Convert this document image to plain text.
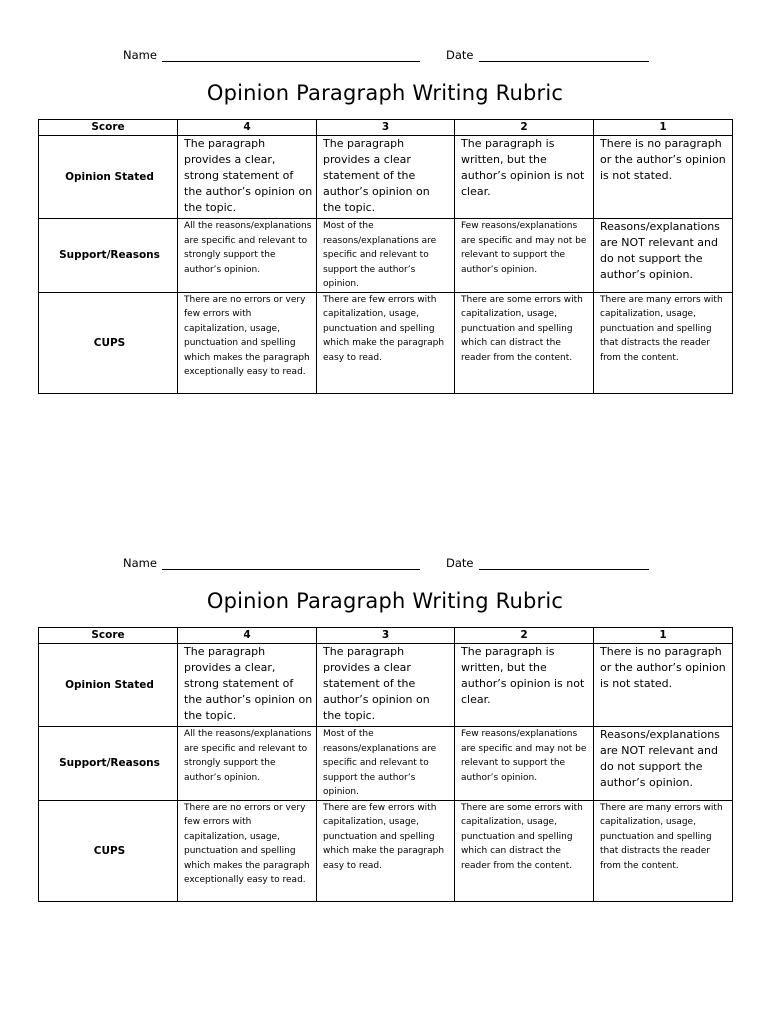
Name	Date
Opinion Paragraph Writing Rubric
Score	4	3	2	1
Opinion Stated	The paragraph provides a clear, strong statement of the author’s opinion on the topic.	The paragraph provides a clear statement of the author’s opinion on the topic.	The paragraph is written, but the author’s opinion is not clear.	There is no paragraph or the author’s opinion is not stated.
Support/Reasons	All the reasons/explanations are specific and relevant to strongly support the author’s opinion.	Most of the reasons/explanations are specific and relevant to support the author’s opinion.	Few reasons/explanations are specific and may not be relevant to support the author’s opinion.	Reasons/explanations are NOT relevant and do not support the author’s opinion.
CUPS	There are no errors or very few errors with capitalization, usage, punctuation and spelling which makes the paragraph exceptionally easy to read.	There are few errors with capitalization, usage, punctuation and spelling which make the paragraph easy to read.	There are some errors with capitalization, usage, punctuation and spelling which can distract the reader from the content.	There are many errors with capitalization, usage, punctuation and spelling that distracts the reader from the content.
Name	Date
Opinion Paragraph Writing Rubric
Score	4	3	2	1
Opinion Stated	The paragraph provides a clear, strong statement of the author’s opinion on the topic.	The paragraph provides a clear statement of the author’s opinion on the topic.	The paragraph is written, but the author’s opinion is not clear.	There is no paragraph or the author’s opinion is not stated.
Support/Reasons	All the reasons/explanations are specific and relevant to strongly support the author’s opinion.	Most of the reasons/explanations are specific and relevant to support the author’s opinion.	Few reasons/explanations are specific and may not be relevant to support the author’s opinion.	Reasons/explanations are NOT relevant and do not support the author’s opinion.
CUPS	There are no errors or very few errors with capitalization, usage, punctuation and spelling which makes the paragraph exceptionally easy to read.	There are few errors with capitalization, usage, punctuation and spelling which make the paragraph easy to read.	There are some errors with capitalization, usage, punctuation and spelling which can distract the reader from the content.	There are many errors with capitalization, usage, punctuation and spelling that distracts the reader from the content.
